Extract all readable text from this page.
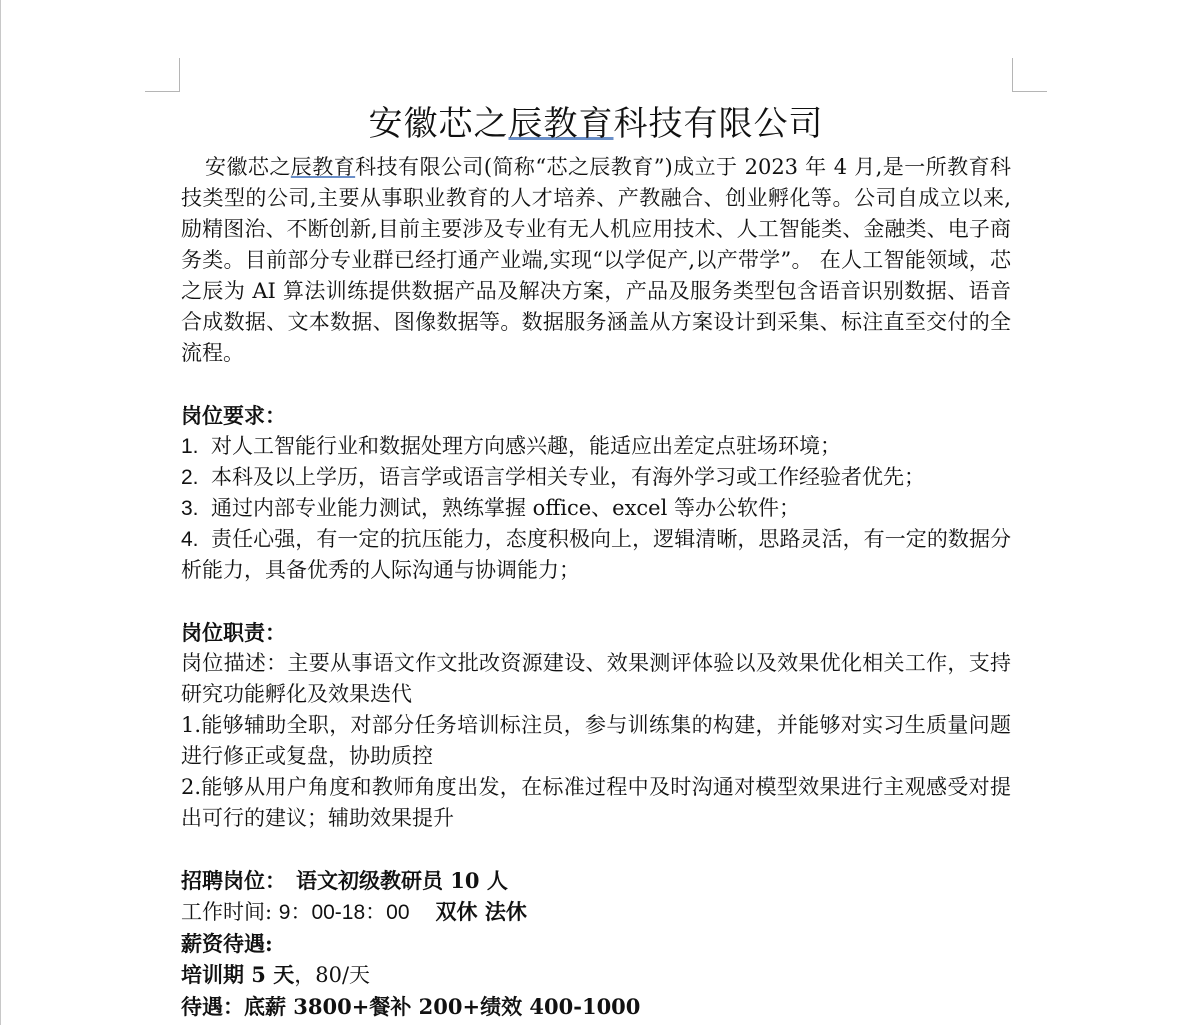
安徽芯之辰教育科技有限公司

安徽芯之辰教育科技有限公司(简称“芯之辰教育”)成立于 2023 年 4 月,是一所教育科技类型的公司,主要从事职业教育的人才培养、产教融合、创业孵化等。公司自成立以来,励精图治、不断创新,目前主要涉及专业有无人机应用技术、人工智能类、金融类、电子商务类。目前部分专业群已经打通产业端,实现“以学促产,以产带学”。 在人工智能领域，芯之辰为 AI 算法训练提供数据产品及解决方案，产品及服务类型包含语音识别数据、语音合成数据、文本数据、图像数据等。数据服务涵盖从方案设计到采集、标注直至交付的全流程。

岗位要求：

1. 对人工智能行业和数据处理方向感兴趣，能适应出差定点驻场环境；

2. 本科及以上学历，语言学或语言学相关专业，有海外学习或工作经验者优先；

3. 通过内部专业能力测试，熟练掌握 office、excel 等办公软件；

4. 责任心强，有一定的抗压能力，态度积极向上，逻辑清晰，思路灵活，有一定的数据分析能力，具备优秀的人际沟通与协调能力；

岗位职责：

岗位描述：主要从事语文作文批改资源建设、效果测评体验以及效果优化相关工作，支持研究功能孵化及效果迭代

1.能够辅助全职，对部分任务培训标注员，参与训练集的构建，并能够对实习生质量问题进行修正或复盘，协助质控

2.能够从用户角度和教师角度出发，在标准过程中及时沟通对模型效果进行主观感受对提出可行的建议；辅助效果提升

招聘岗位： 语文初级教研员 10 人

工作时间: 9：00-18：00 双休 法休

薪资待遇:

培训期 5 天，80/天

待遇：底薪 3800+餐补 200+绩效 400-1000
